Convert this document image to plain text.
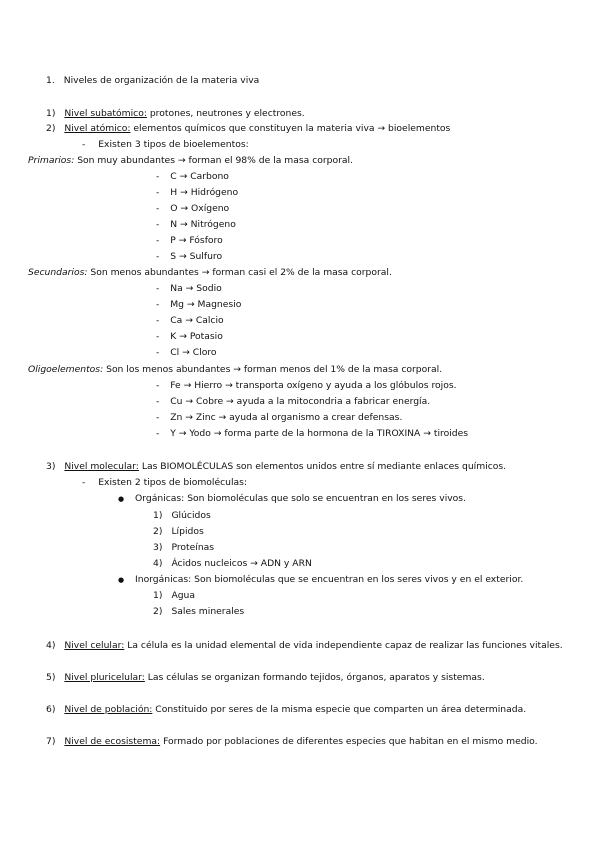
1. Niveles de organización de la materia viva
1) Nivel subatómico: protones, neutrones y electrones.
2) Nivel atómico: elementos químicos que constituyen la materia viva → bioelementos
- Existen 3 tipos de bioelementos:
Primarios: Son muy abundantes → forman el 98% de la masa corporal.
- C → Carbono
- H → Hidrógeno
- O → Oxígeno
- N → Nitrógeno
- P → Fósforo
- S → Sulfuro
Secundarios: Son menos abundantes → forman casi el 2% de la masa corporal.
- Na → Sodio
- Mg → Magnesio
- Ca → Calcio
- K → Potasio
- Cl → Cloro
Oligoelementos: Son los menos abundantes → forman menos del 1% de la masa corporal.
- Fe → Hierro → transporta oxígeno y ayuda a los glóbulos rojos.
- Cu → Cobre → ayuda a la mitocondria a fabricar energía.
- Zn → Zinc → ayuda al organismo a crear defensas.
- Y → Yodo → forma parte de la hormona de la TIROXINA → tiroides
3) Nivel molecular: Las BIOMOLÉCULAS son elementos unidos entre sí mediante enlaces químicos.
- Existen 2 tipos de biomoléculas:
● Orgánicas: Son biomoléculas que solo se encuentran en los seres vivos.
1) Glúcidos
2) Lípidos
3) Proteínas
4) Ácidos nucleicos → ADN y ARN
● Inorgánicas: Son biomoléculas que se encuentran en los seres vivos y en el exterior.
1) Agua
2) Sales minerales
4) Nivel celular: La célula es la unidad elemental de vida independiente capaz de realizar las funciones vitales.
5) Nivel pluricelular: Las células se organizan formando tejidos, órganos, aparatos y sistemas.
6) Nivel de población: Constituido por seres de la misma especie que comparten un área determinada.
7) Nivel de ecosistema: Formado por poblaciones de diferentes especies que habitan en el mismo medio.
